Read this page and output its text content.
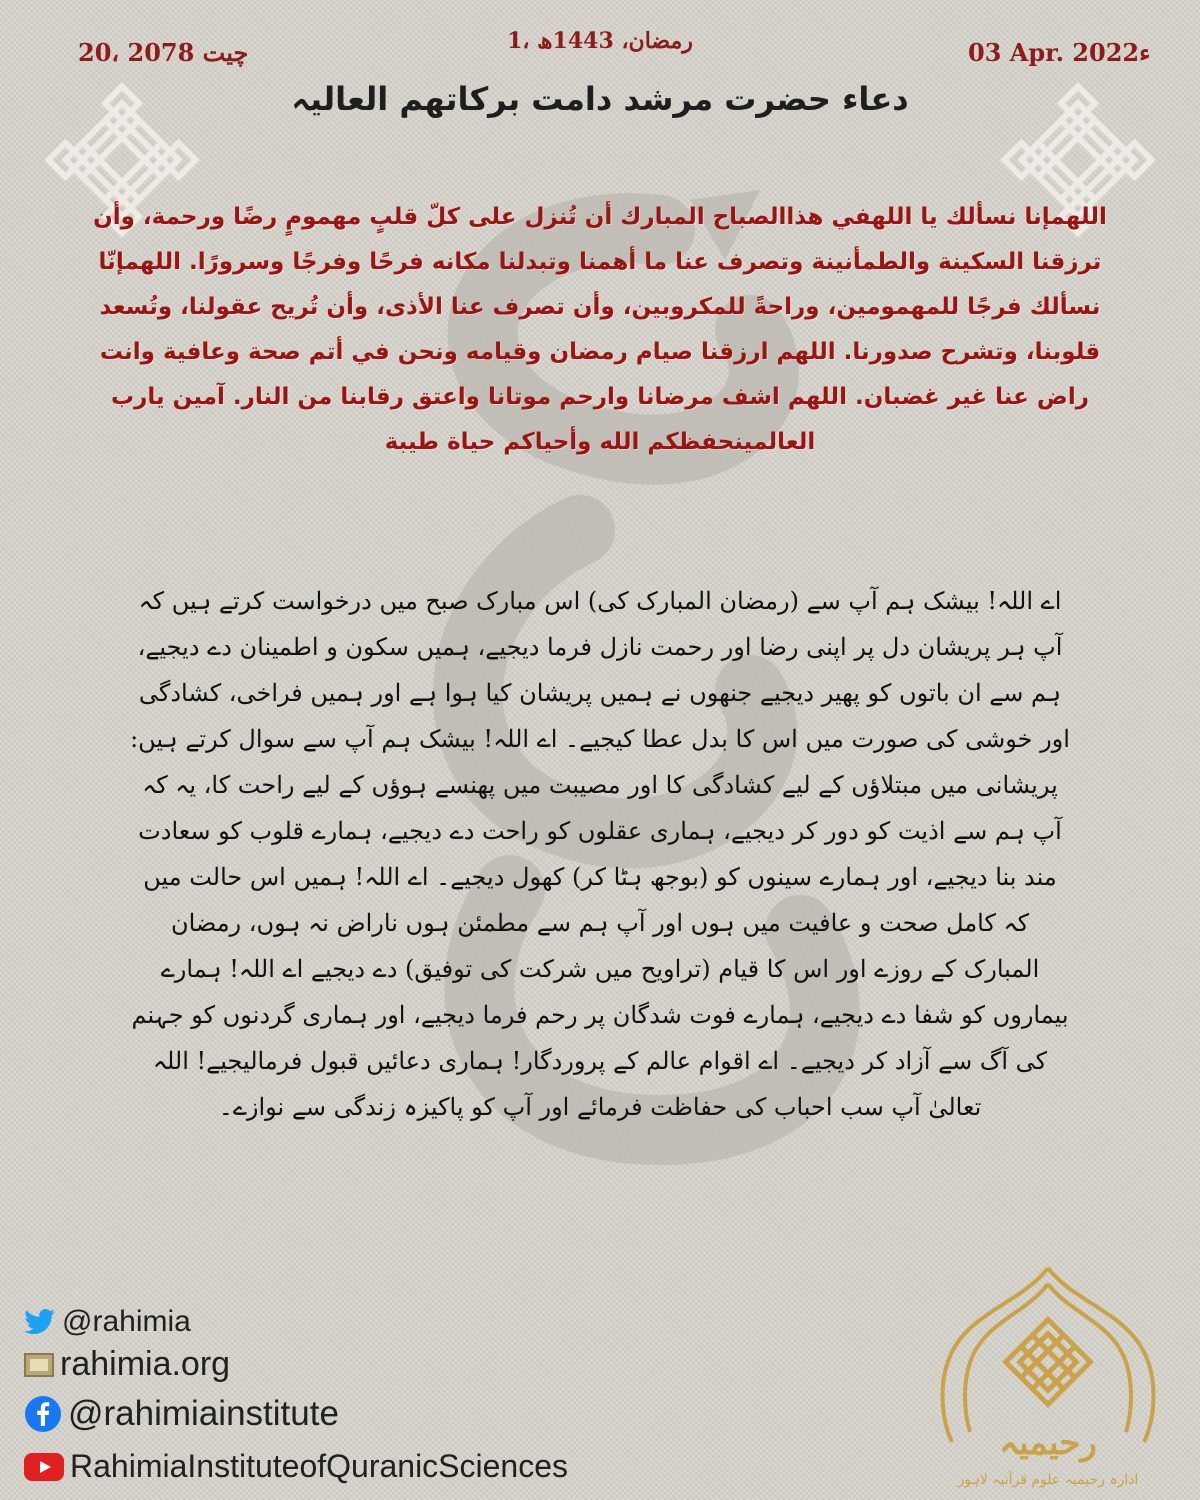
03 Apr. 2022ء
1، رمضان، 1443ھ
20، چیت 2078
دعاء حضرت مرشد دامت برکاتھم العالیہ
اللهمإنا نسألك يا اللهفي هذاالصباح المبارك أن تُنزل على كلّ قلبٍ مهمومٍ رضًا ورحمة، وأن ترزقنا السكينة والطمأنينة وتصرف عنا ما أهمنا وتبدلنا مكانه فرحًا وفرجًا وسرورًا. اللهمإنّا نسألك فرجًا للمهمومين، وراحةً للمكروبين، وأن تصرف عنا الأذى، وأن تُريح عقولنا، وتُسعد قلوبنا، وتشرح صدورنا. اللهم ارزقنا صيام رمضان وقيامه ونحن في أتم صحة وعافية وانت راض عنا غير غضبان. اللهم اشف مرضانا وارحم موتانا واعتق رقابنا من النار. آمين يارب العالمينحفظكم الله وأحياكم حياة طيبة
اے اللہ! بیشک ہم آپ سے (رمضان المبارک کی) اس مبارک صبح میں درخواست کرتے ہیں کہ آپ ہر پریشان دل پر اپنی رضا اور رحمت نازل فرما دیجیے، ہمیں سکون و اطمینان دے دیجیے، ہم سے ان باتوں کو پھیر دیجیے جنھوں نے ہمیں پریشان کیا ہوا ہے اور ہمیں فراخی، کشادگی اور خوشی کی صورت میں اس کا بدل عطا کیجیے۔ اے اللہ! بیشک ہم آپ سے سوال کرتے ہیں: پریشانی میں مبتلاؤں کے لیے کشادگی کا اور مصیبت میں پھنسے ہوؤں کے لیے راحت کا، یہ کہ آپ ہم سے اذیت کو دور کر دیجیے، ہماری عقلوں کو راحت دے دیجیے، ہمارے قلوب کو سعادت مند بنا دیجیے، اور ہمارے سینوں کو (بوجھ ہٹا کر) کھول دیجیے۔ اے اللہ! ہمیں اس حالت میں کہ کامل صحت و عافیت میں ہوں اور آپ ہم سے مطمئن ہوں ناراض نہ ہوں، رمضان المبارک کے روزے اور اس کا قیام (تراویح میں شرکت کی توفیق) دے دیجیے اے اللہ! ہمارے بیماروں کو شفا دے دیجیے، ہمارے فوت شدگان پر رحم فرما دیجیے، اور ہماری گردنوں کو جہنم کی آگ سے آزاد کر دیجیے۔ اے اقوام عالم کے پروردگار! ہماری دعائیں قبول فرمالیجیے! اللہ تعالیٰ آپ سب احباب کی حفاظت فرمائے اور آپ کو پاکیزہ زندگی سے نوازے۔
@rahimia
rahimia.org
@rahimiainstitute
RahimiaInstituteofQuranicSciences
رحیمیہ
ادارہ رحیمیہ علوم قرآنیہ لاہور
